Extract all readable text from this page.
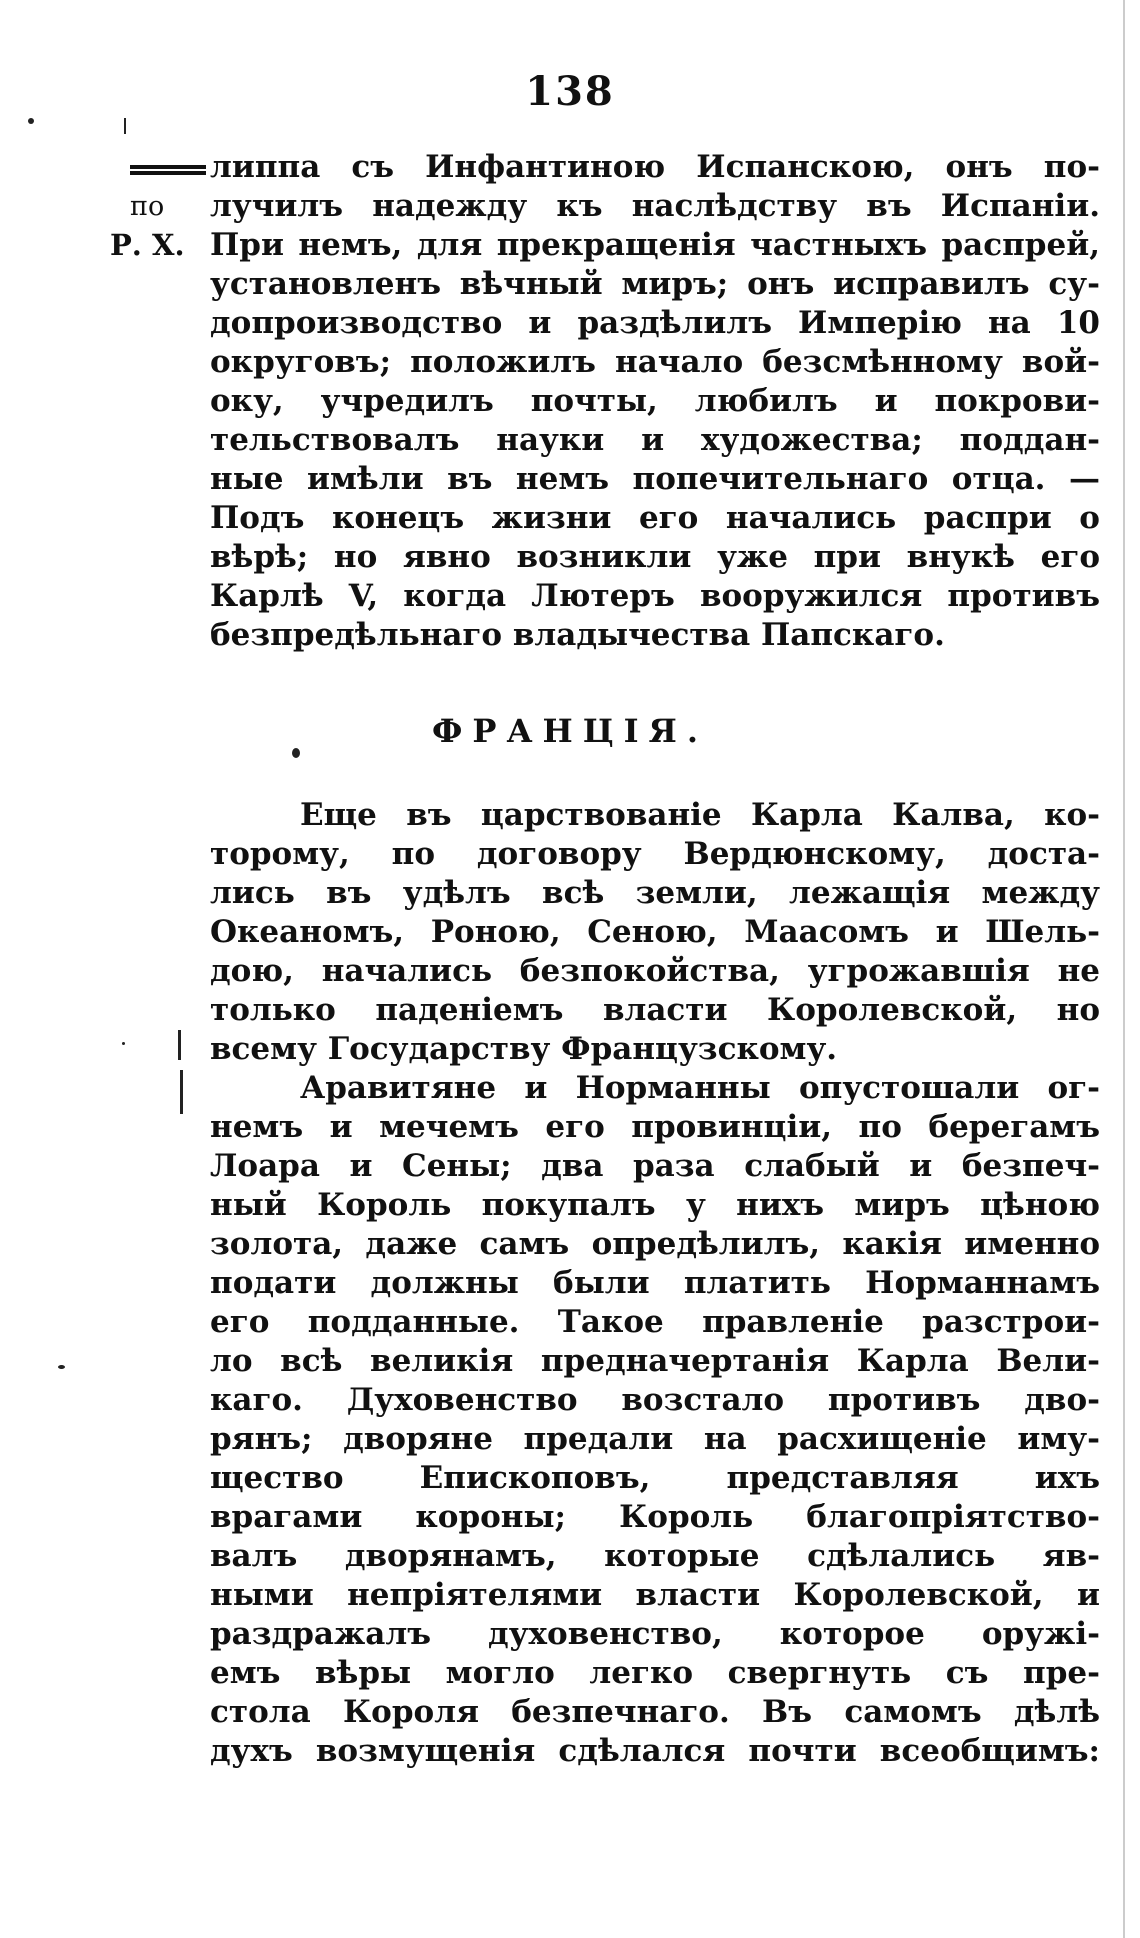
138
по
Р. Х.
липпа съ Инфантиною Испанскою, онъ по-
лучилъ надежду къ наслѣдству въ Испаніи.
При немъ, для прекращенія частныхъ распрей,
установленъ вѣчный миръ; онъ исправилъ су-
допроизводство и раздѣлилъ Имперію на 10
округовъ; положилъ начало безсмѣнному вой-
оку, учредилъ почты, любилъ и покрови-
тельствовалъ науки и художества; поддан-
ные имѣли въ немъ попечительнаго отца. —
Подъ конецъ жизни его начались распри о
вѣрѣ; но явно возникли уже при внукѣ его
Карлѣ V, когда Лютеръ вооружился противъ
безпредѣльнаго владычества Папскаго.
ФРАНЦІЯ.
Еще въ царствованіе Карла Калва, ко-
торому, по договору Вердюнскому, доста-
лись въ удѣлъ всѣ земли, лежащія между
Океаномъ, Роною, Сеною, Маасомъ и Шель-
дою, начались безпокойства, угрожавшія не
только паденіемъ власти Королевской, но
всему Государству Французскому.
Аравитяне и Норманны опустошали ог-
немъ и мечемъ его провинціи, по берегамъ
Лоара и Сены; два раза слабый и безпеч-
ный Король покупалъ у нихъ миръ цѣною
золота, даже самъ опредѣлилъ, какія именно
подати должны были платить Норманнамъ
его подданные. Такое правленіе разстрои-
ло всѣ великія предначертанія Карла Вели-
каго. Духовенство возстало противъ дво-
рянъ; дворяне предали на расхищеніе иму-
щество Епископовъ, представляя ихъ
врагами короны; Король благопріятство-
валъ дворянамъ, которые сдѣлались яв-
ными непріятелями власти Королевской, и
раздражалъ духовенство, которое оружі-
емъ вѣры могло легко свергнуть съ пре-
стола Короля безпечнаго. Въ самомъ дѣлѣ
духъ возмущенія сдѣлался почти всеобщимъ:
